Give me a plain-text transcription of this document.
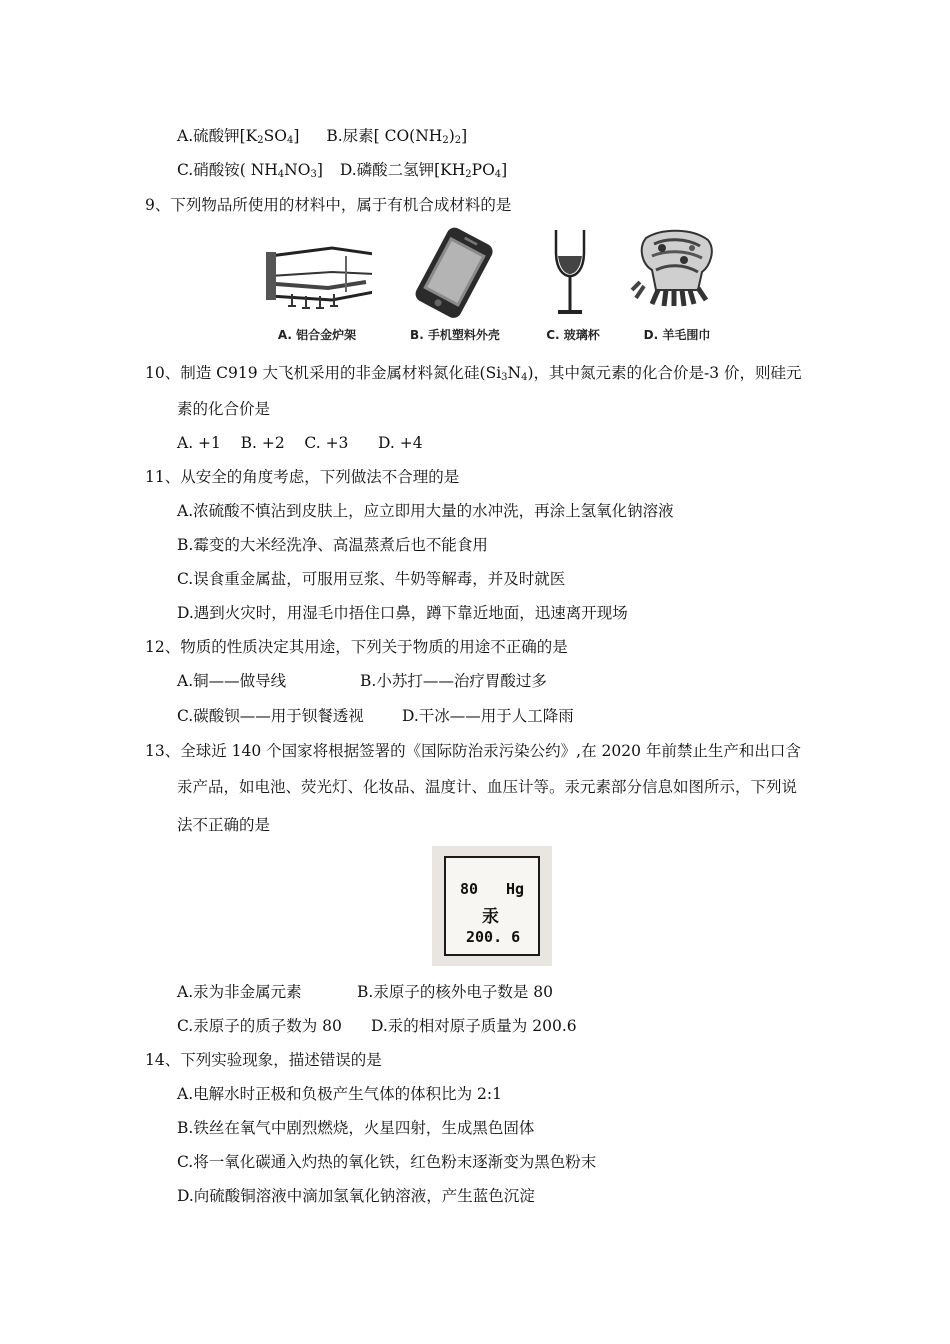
A.硫酸钾$[K_2SO_4]$ B.尿素[ $CO(NH_2)_2$]
C.硝酸铵( $NH_4NO_3$] D.磷酸二氢钾$[KH_2PO_4]$
9、下列物品所使用的材料中，属于有机合成材料的是
A. 铝合金炉架	B. 手机塑料外壳	C. 玻璃杯	D. 羊毛围巾
10、制造 C919 大飞机采用的非金属材料氮化硅$(Si_3N_4)$，其中氮元素的化合价是-3 价，则硅元
素的化合价是
A. +1    B. +2    C. +3      D. +4
11、从安全的角度考虑，下列做法不合理的是
A.浓硫酸不慎沾到皮肤上，应立即用大量的水冲洗，再涂上氢氧化钠溶液
B.霉变的大米经洗净、高温蒸煮后也不能食用
C.误食重金属盐，可服用豆浆、牛奶等解毒，并及时就医
D.遇到火灾时，用湿毛巾捂住口鼻，蹲下靠近地面，迅速离开现场
12、物质的性质决定其用途，下列关于物质的用途不正确的是
A.铜——做导线	B.小苏打——治疗胃酸过多
C.碳酸钡——用于钡餐透视 D.干冰——用于人工降雨
13、全球近 140 个国家将根据签署的《国际防治汞污染公约》,在 2020 年前禁止生产和出口含
汞产品，如电池、荧光灯、化妆品、温度计、血压计等。汞元素部分信息如图所示，下列说
法不正确的是
80 Hg
汞
200. 6
A.汞为非金属元素	B.汞原子的核外电子数是 80
C.汞原子的质子数为 80 D.汞的相对原子质量为 200.6
14、下列实验现象，描述错误的是
A.电解水时正极和负极产生气体的体积比为 2:1
B.铁丝在氧气中剧烈燃烧，火星四射，生成黑色固体
C.将一氧化碳通入灼热的氧化铁，红色粉末逐渐变为黑色粉末
D.向硫酸铜溶液中滴加氢氧化钠溶液，产生蓝色沉淀
